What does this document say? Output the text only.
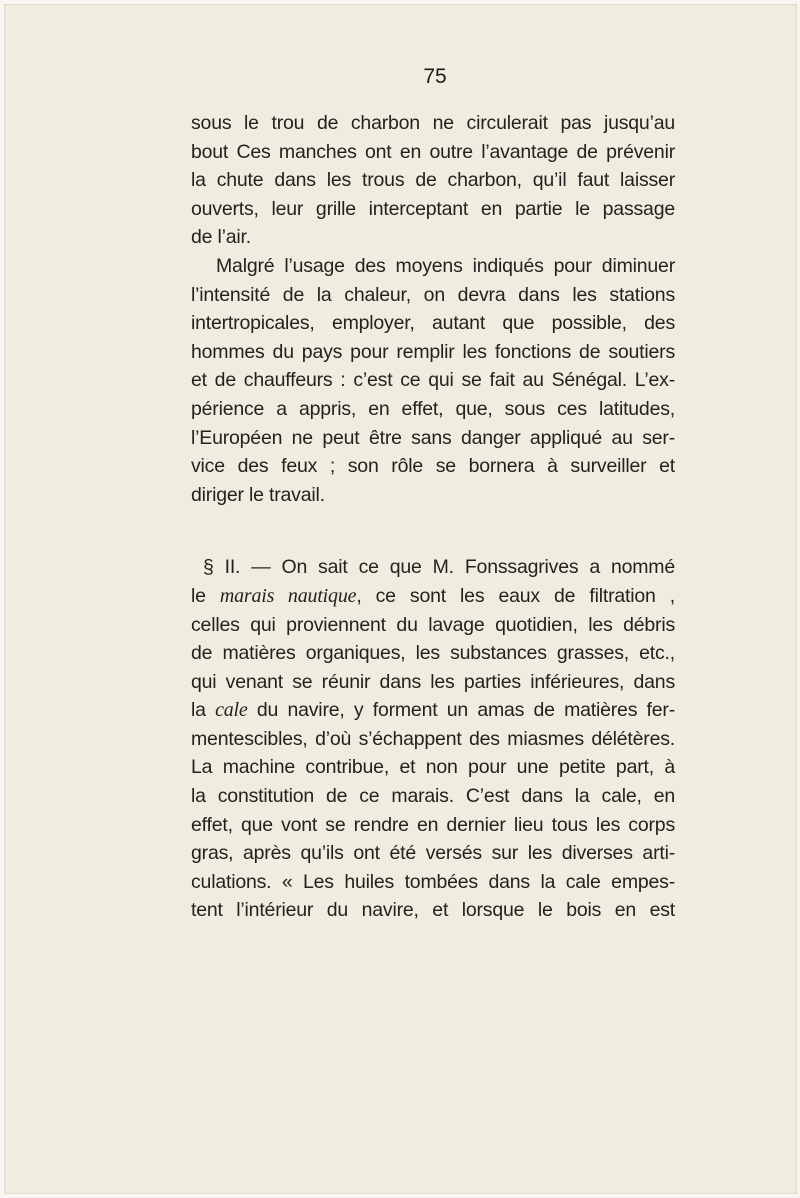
75
sous le trou de charbon ne circulerait pas jusqu’au
bout Ces manches ont en outre l’avantage de prévenir
la chute dans les trous de charbon, qu’il faut laisser
ouverts, leur grille interceptant en partie le passage
de l’air.
Malgré l’usage des moyens indiqués pour diminuer
l’intensité de la chaleur, on devra dans les stations
intertropicales, employer, autant que possible, des
hommes du pays pour remplir les fonctions de soutiers
et de chauffeurs : c’est ce qui se fait au Sénégal. L’ex-
périence a appris, en effet, que, sous ces latitudes,
l’Européen ne peut être sans danger appliqué au ser-
vice des feux ; son rôle se bornera à surveiller et
diriger le travail.
§ II. — On sait ce que M. Fonssagrives a nommé
le marais nautique, ce sont les eaux de filtration ,
celles qui proviennent du lavage quotidien, les débris
de matières organiques, les substances grasses, etc.,
qui venant se réunir dans les parties inférieures, dans
la cale du navire, y forment un amas de matières fer-
mentescibles, d’où s’échappent des miasmes délétères.
La machine contribue, et non pour une petite part, à
la constitution de ce marais. C’est dans la cale, en
effet, que vont se rendre en dernier lieu tous les corps
gras, après qu’ils ont été versés sur les diverses arti-
culations. « Les huiles tombées dans la cale empes-
tent l’intérieur du navire, et lorsque le bois en est
